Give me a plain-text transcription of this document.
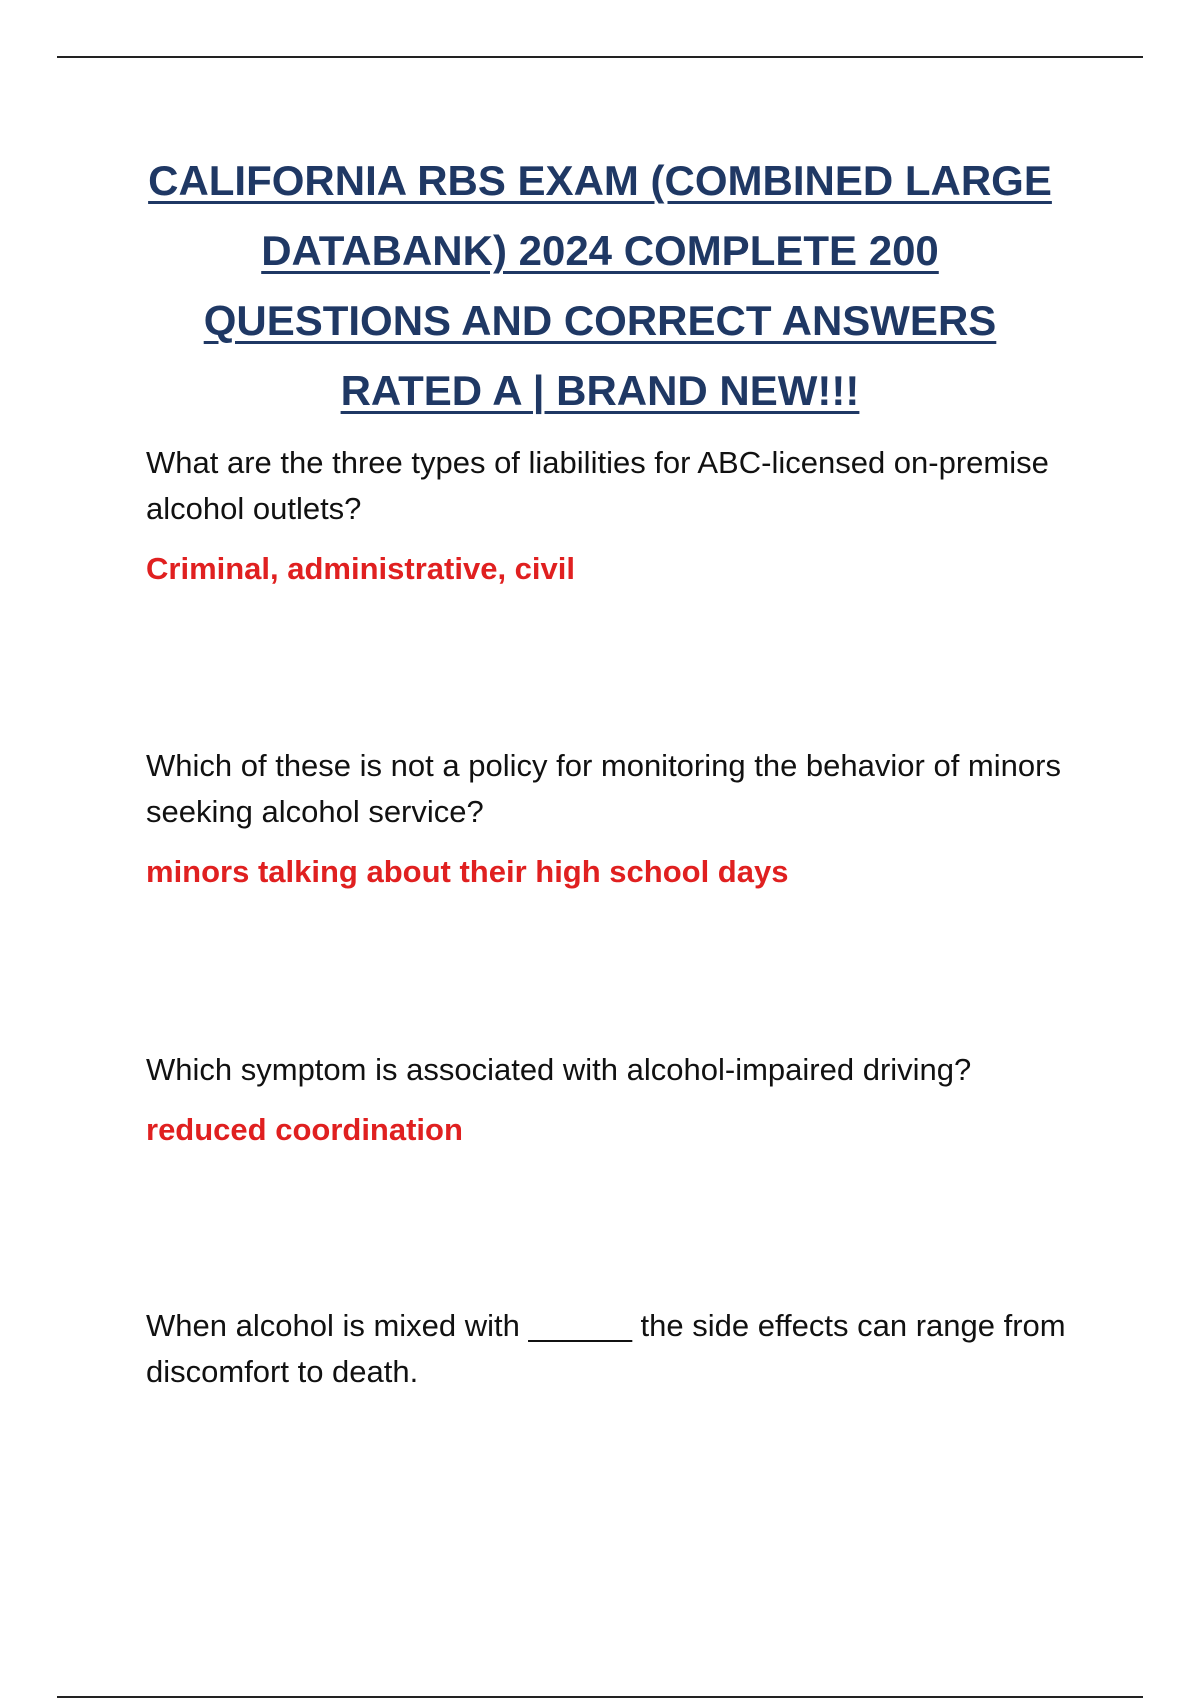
CALIFORNIA RBS EXAM (COMBINED LARGE
DATABANK) 2024 COMPLETE 200
QUESTIONS AND CORRECT ANSWERS
RATED A | BRAND NEW!!!

What are the three types of liabilities for ABC-licensed on-premise alcohol outlets?

Criminal, administrative, civil

Which of these is not a policy for monitoring the behavior of minors seeking alcohol service?

minors talking about their high school days

Which symptom is associated with alcohol-impaired driving?

reduced coordination

When alcohol is mixed with ______ the side effects can range from discomfort to death.
